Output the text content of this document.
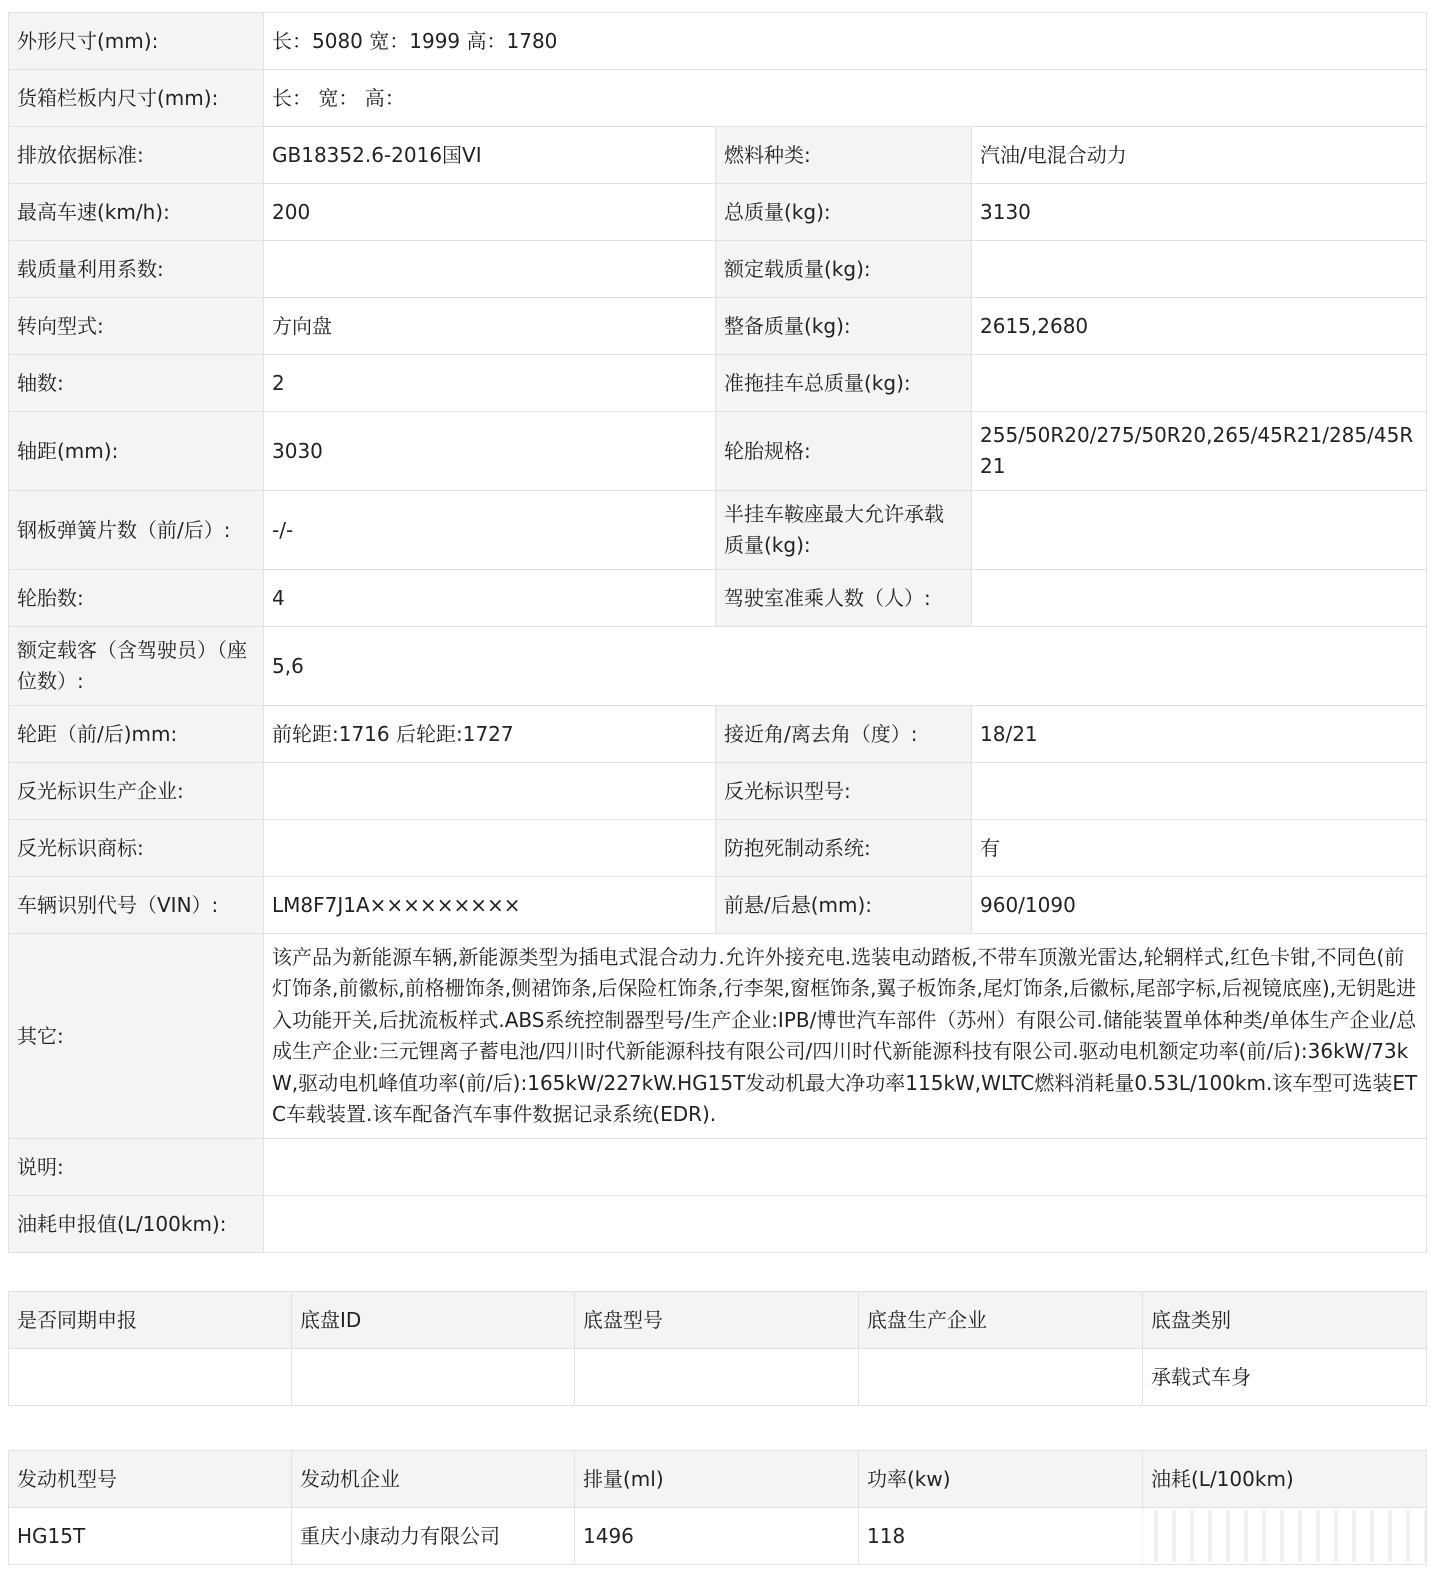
外形尺寸(mm):	长：5080 宽：1999 高：1780		
货箱栏板内尺寸(mm):	长： 宽： 高：		
排放依据标准:	GB18352.6-2016国VI	燃料种类:	汽油/电混合动力
最高车速(km/h):	200	总质量(kg):	3130
载质量利用系数:		额定载质量(kg):	
转向型式:	方向盘	整备质量(kg):	2615,2680
轴数:	2	准拖挂车总质量(kg):	
轴距(mm):	3030	轮胎规格:	255/50R20/275/50R20,265/45R21/285/45R21
钢板弹簧片数（前/后）:	-/-	半挂车鞍座最大允许承载质量(kg):	
轮胎数:	4	驾驶室准乘人数（人）:	
额定载客（含驾驶员）（座位数）:	5,6		
轮距（前/后)mm:	前轮距:1716 后轮距:1727	接近角/离去角（度）:	18/21
反光标识生产企业:		反光标识型号:	
反光标识商标:		防抱死制动系统:	有
车辆识别代号（VIN）:	LM8F7J1A×××××××××	前悬/后悬(mm):	960/1090
其它:	该产品为新能源车辆,新能源类型为插电式混合动力.允许外接充电.选装电动踏板,不带车顶激光雷达,轮辋样式,红色卡钳,不同色(前灯饰条,前徽标,前格栅饰条,侧裙饰条,后保险杠饰条,行李架,窗框饰条,翼子板饰条,尾灯饰条,后徽标,尾部字标,后视镜底座),无钥匙进入功能开关,后扰流板样式.ABS系统控制器型号/生产企业:IPB/博世汽车部件（苏州）有限公司.储能装置单体种类/单体生产企业/总成生产企业:三元锂离子蓄电池/四川时代新能源科技有限公司/四川时代新能源科技有限公司.驱动电机额定功率(前/后):36kW/73kW,驱动电机峰值功率(前/后):165kW/227kW.HG15T发动机最大净功率115kW,WLTC燃料消耗量0.53L/100km.该车型可选装ETC车载装置.该车配备汽车事件数据记录系统(EDR).		
说明:			
油耗申报值(L/100km):			
是否同期申报	底盘ID	底盘型号	底盘生产企业	底盘类别
				承载式车身
发动机型号	发动机企业	排量(ml)	功率(kw)	油耗(L/100km)
HG15T	重庆小康动力有限公司	1496	118	
